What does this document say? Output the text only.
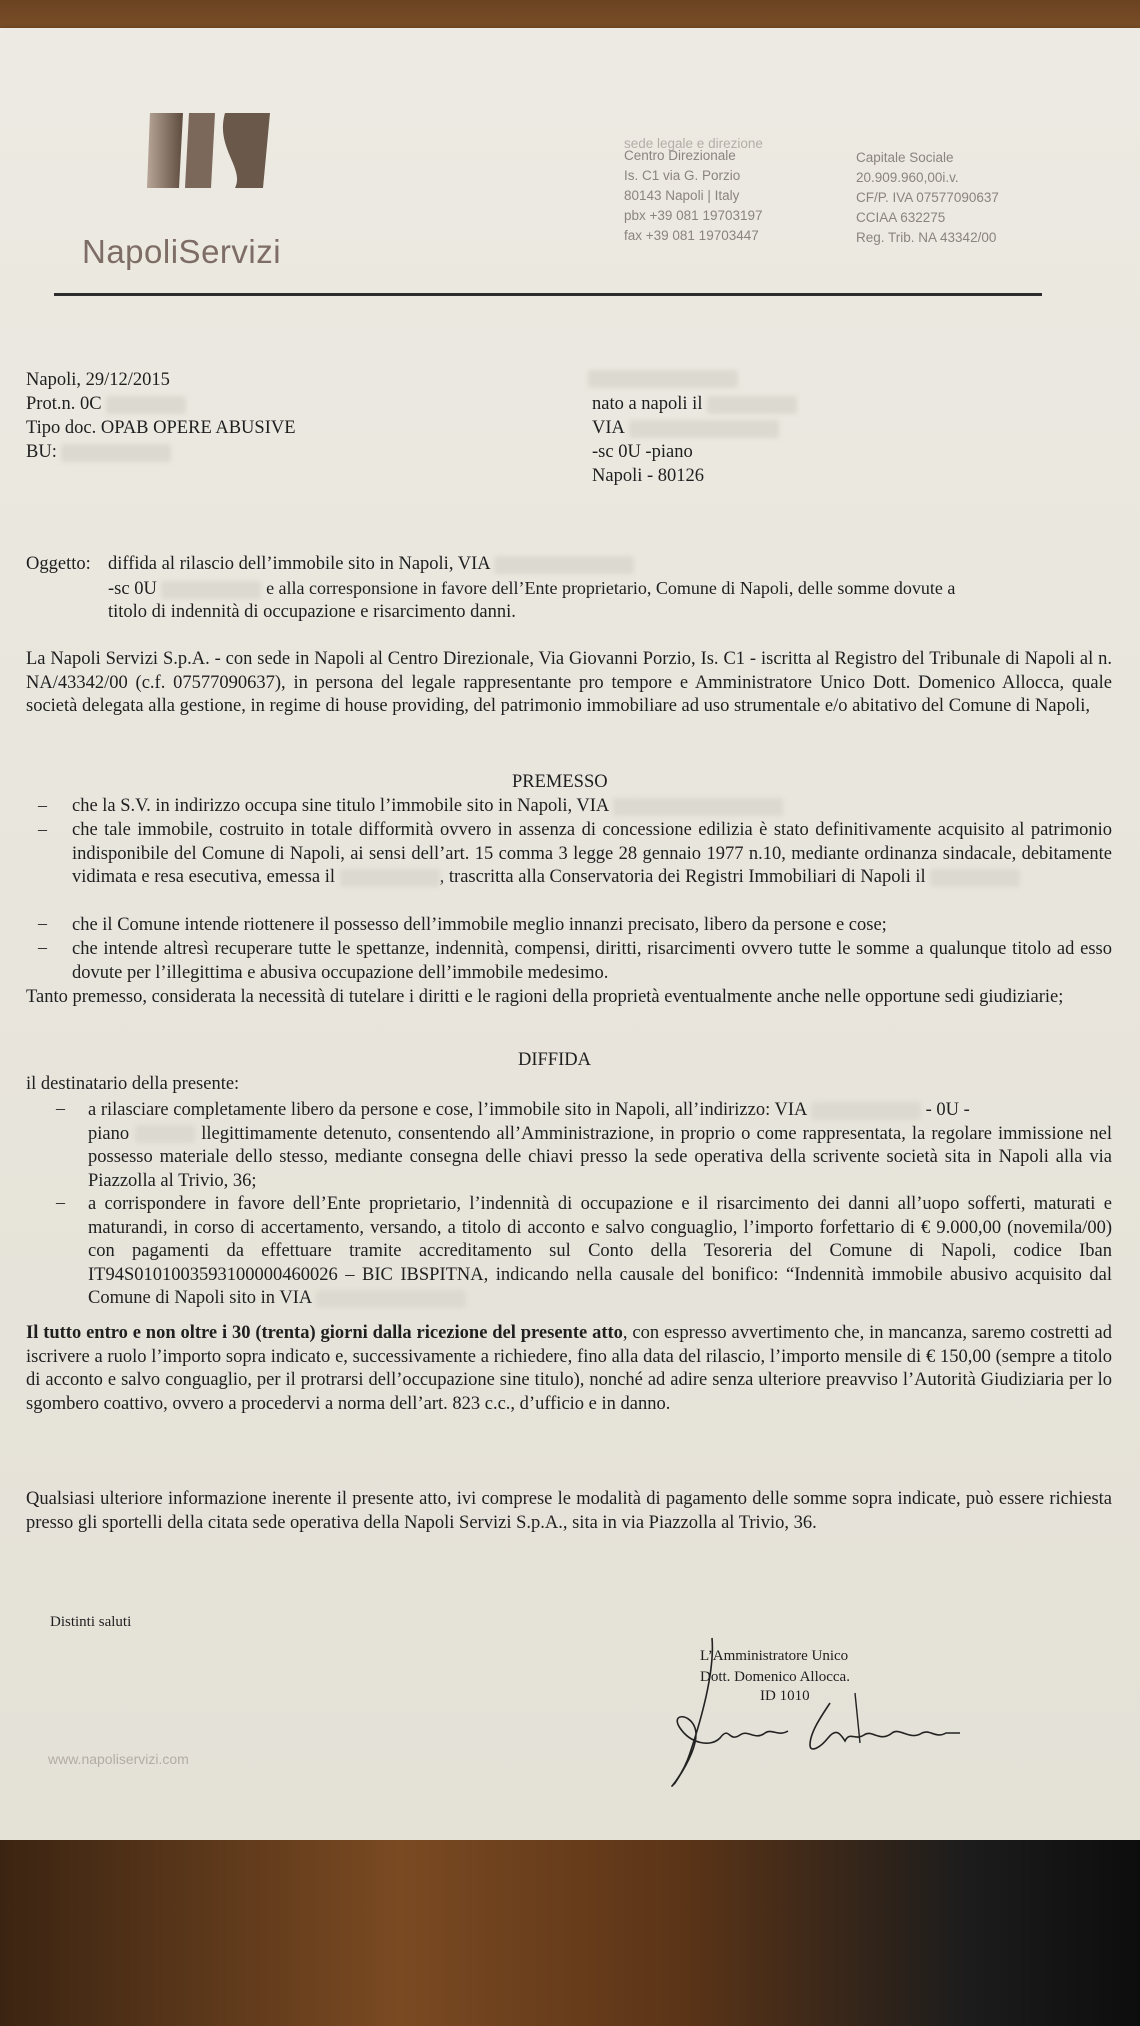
NapoliServizi
sede legale e direzione
Centro Direzionale
Is. C1 via G. Porzio
80143 Napoli | Italy
pbx +39 081 19703197
fax +39 081 19703447
Capitale Sociale
20.909.960,00i.v.
CF/P. IVA 07577090637
CCIAA 632275
Reg. Trib. NA 43342/00
Napoli, 29/12/2015
Prot.n. 0C
Tipo doc. OPAB OPERE ABUSIVE
BU:
nato a napoli il
VIA
-sc 0U -piano
Napoli - 80126
Oggetto: diffida al rilascio dell’immobile sito in Napoli, VIA
-sc 0U	e alla corresponsione in favore dell’Ente proprietario, Comune di Napoli, delle somme dovute a
titolo di indennità di occupazione e risarcimento danni.
La Napoli Servizi S.p.A. - con sede in Napoli al Centro Direzionale, Via Giovanni Porzio, Is. C1 - iscritta al Registro del Tribunale di Napoli al n. NA/43342/00 (c.f. 07577090637), in persona del legale rappresentante pro tempore e Amministratore Unico Dott. Domenico Allocca, quale società delegata alla gestione, in regime di house providing, del patrimonio immobiliare ad uso strumentale e/o abitativo del Comune di Napoli,
PREMESSO
– che la S.V. in indirizzo occupa sine titulo l’immobile sito in Napoli, VIA
– che tale immobile, costruito in totale difformità ovvero in assenza di concessione edilizia è stato definitivamente acquisito al patrimonio indisponibile del Comune di Napoli, ai sensi dell’art. 15 comma 3 legge 28 gennaio 1977 n.10, mediante ordinanza sindacale, debitamente vidimata e resa esecutiva, emessa il	, trascritta alla Conservatoria dei Registri Immobiliari di Napoli il
– che il Comune intende riottenere il possesso dell’immobile meglio innanzi precisato, libero da persone e cose;
– che intende altresì recuperare tutte le spettanze, indennità, compensi, diritti, risarcimenti ovvero tutte le somme a qualunque titolo ad esso dovute per l’illegittima e abusiva occupazione dell’immobile medesimo.
Tanto premesso, considerata la necessità di tutelare i diritti e le ragioni della proprietà eventualmente anche nelle opportune sedi giudiziarie;
DIFFIDA
il destinatario della presente:
– a rilasciare completamente libero da persone e cose, l’immobile sito in Napoli, all’indirizzo: VIA	- 0U -
piano	llegittimamente detenuto, consentendo all’Amministrazione, in proprio o come rappresentata, la regolare immissione nel possesso materiale dello stesso, mediante consegna delle chiavi presso la sede operativa della scrivente società sita in Napoli alla via Piazzolla al Trivio, 36;
– a corrispondere in favore dell’Ente proprietario, l’indennità di occupazione e il risarcimento dei danni all’uopo sofferti, maturati e maturandi, in corso di accertamento, versando, a titolo di acconto e salvo conguaglio, l’importo forfettario di € 9.000,00 (novemila/00) con pagamenti da effettuare tramite accreditamento sul Conto della Tesoreria del Comune di Napoli, codice Iban IT94S0101003593100000460026 – BIC IBSPITNA, indicando nella causale del bonifico: “Indennità immobile abusivo acquisito dal Comune di Napoli sito in VIA
Il tutto entro e non oltre i 30 (trenta) giorni dalla ricezione del presente atto, con espresso avvertimento che, in mancanza, saremo costretti ad iscrivere a ruolo l’importo sopra indicato e, successivamente a richiedere, fino alla data del rilascio, l’importo mensile di € 150,00 (sempre a titolo di acconto e salvo conguaglio, per il protrarsi dell’occupazione sine titulo), nonché ad adire senza ulteriore preavviso l’Autorità Giudiziaria per lo sgombero coattivo, ovvero a procedervi a norma dell’art. 823 c.c., d’ufficio e in danno.
Qualsiasi ulteriore informazione inerente il presente atto, ivi comprese le modalità di pagamento delle somme sopra indicate, può essere richiesta presso gli sportelli della citata sede operativa della Napoli Servizi S.p.A., sita in via Piazzolla al Trivio, 36.
Distinti saluti
L’Amministratore Unico
Dott. Domenico Allocca.
ID 1010
www.napoliservizi.com
